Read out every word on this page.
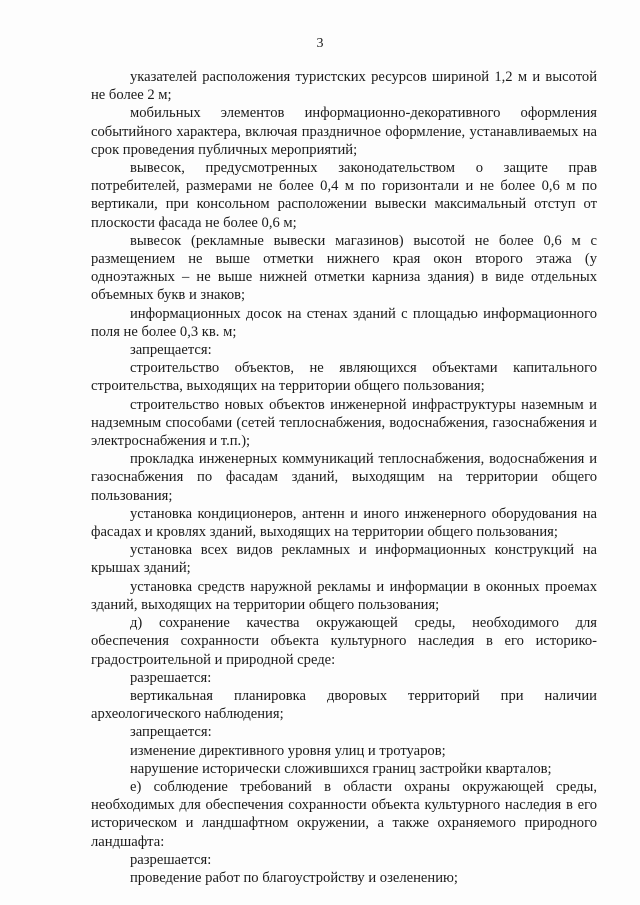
3

указателей расположения туристских ресурсов шириной 1,2 м и высотой не более 2 м;

мобильных элементов информационно-декоративного оформления событийного характера, включая праздничное оформление, устанавливаемых на срок проведения публичных мероприятий;

вывесок, предусмотренных законодательством о защите прав потребителей, размерами не более 0,4 м по горизонтали и не более 0,6 м по вертикали, при консольном расположении вывески максимальный отступ от плоскости фасада не более 0,6 м;

вывесок (рекламные вывески магазинов) высотой не более 0,6 м с размещением не выше отметки нижнего края окон второго этажа (у одноэтажных – не выше нижней отметки карниза здания) в виде отдельных объемных букв и знаков;

информационных досок на стенах зданий с площадью информационного поля не более 0,3 кв. м;

запрещается:

строительство объектов, не являющихся объектами капитального строительства, выходящих на территории общего пользования;

строительство новых объектов инженерной инфраструктуры наземным и надземным способами (сетей теплоснабжения, водоснабжения, газоснабжения и электроснабжения и т.п.);

прокладка инженерных коммуникаций теплоснабжения, водоснабжения и газоснабжения по фасадам зданий, выходящим на территории общего пользования;

установка кондиционеров, антенн и иного инженерного оборудования на фасадах и кровлях зданий, выходящих на территории общего пользования;

установка всех видов рекламных и информационных конструкций на крышах зданий;

установка средств наружной рекламы и информации в оконных проемах зданий, выходящих на территории общего пользования;

д) сохранение качества окружающей среды, необходимого для обеспечения сохранности объекта культурного наследия в его историко-градостроительной и природной среде:

разрешается:

вертикальная планировка дворовых территорий при наличии археологического наблюдения;

запрещается:

изменение директивного уровня улиц и тротуаров;

нарушение исторически сложившихся границ застройки кварталов;

е) соблюдение требований в области охраны окружающей среды, необходимых для обеспечения сохранности объекта культурного наследия в его историческом и ландшафтном окружении, а также охраняемого природного ландшафта:

разрешается:

проведение работ по благоустройству и озеленению;
